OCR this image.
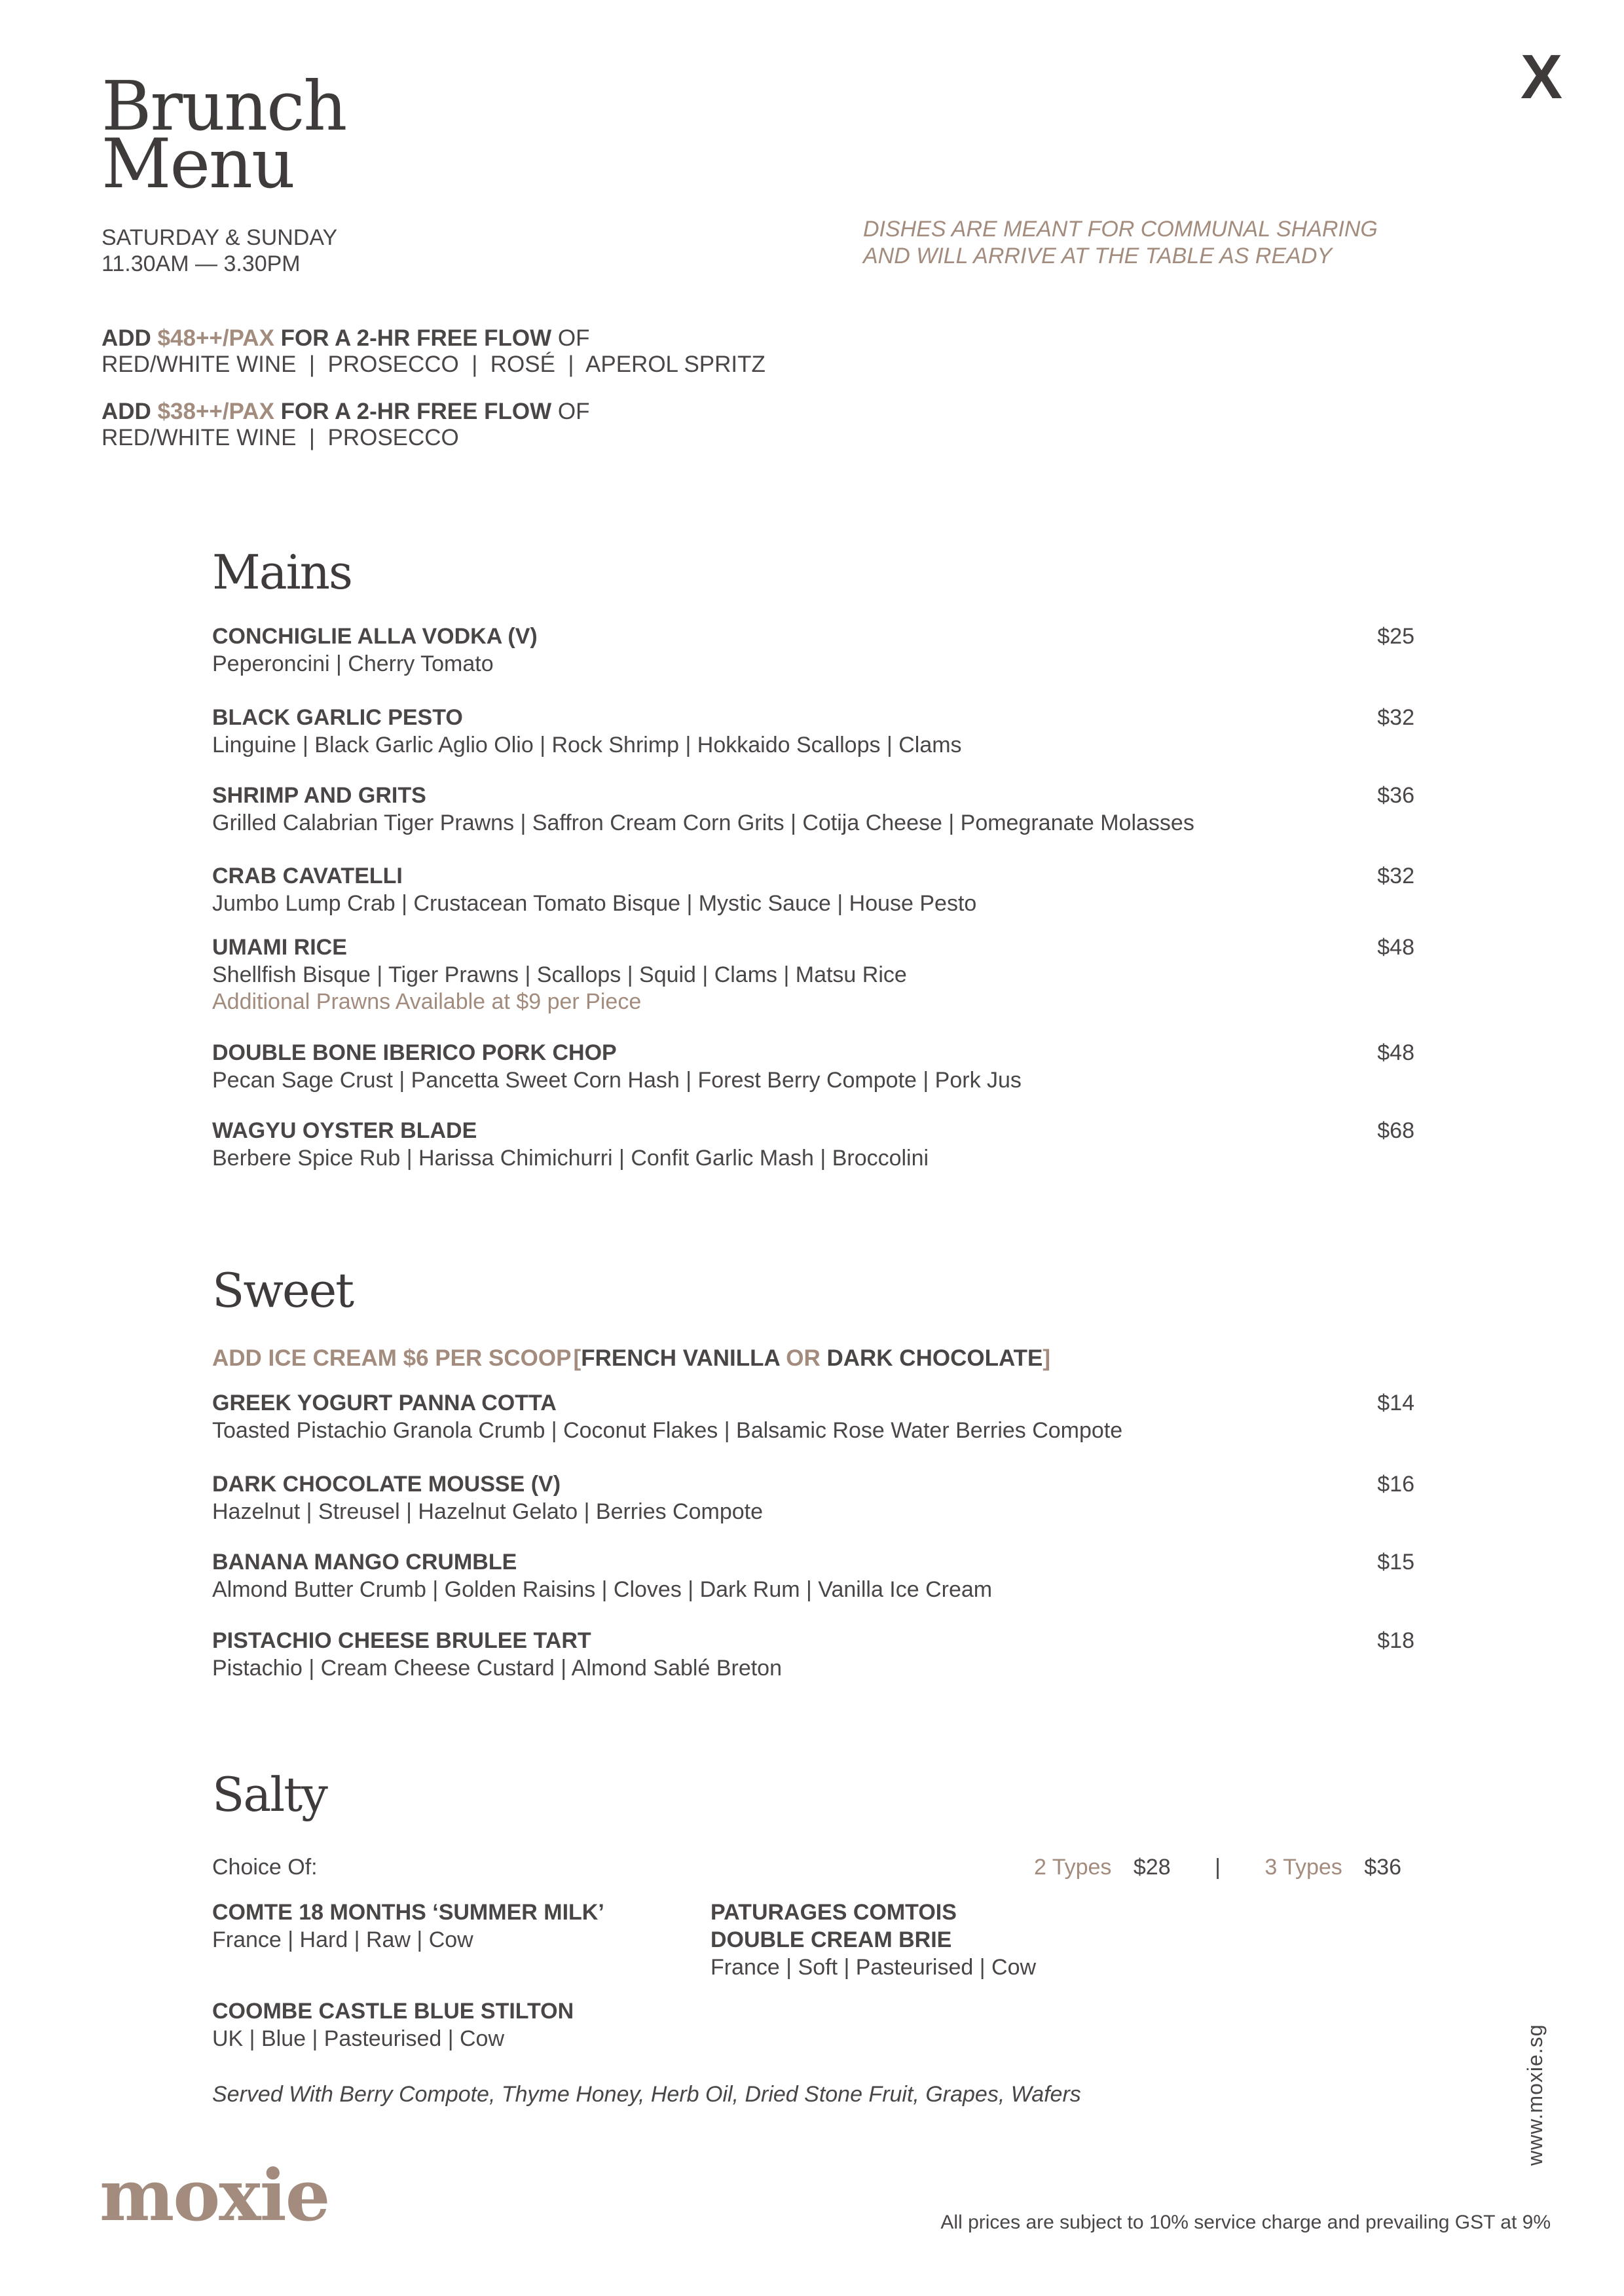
Brunch
Menu
X
SATURDAY & SUNDAY
11.30AM — 3.30PM
DISHES ARE MEANT FOR COMMUNAL SHARING
AND WILL ARRIVE AT THE TABLE AS READY
ADD $48++/PAX FOR A 2-HR FREE FLOW OF
RED/WHITE WINE  |  PROSECCO  |  ROSÉ  |  APEROL SPRITZ
ADD $38++/PAX FOR A 2-HR FREE FLOW OF
RED/WHITE WINE  |  PROSECCO
Mains
CONCHIGLIE ALLA VODKA (V)
Peperoncini | Cherry Tomato
$25
BLACK GARLIC PESTO
Linguine | Black Garlic Aglio Olio | Rock Shrimp | Hokkaido Scallops | Clams
$32
SHRIMP AND GRITS
Grilled Calabrian Tiger Prawns | Saffron Cream Corn Grits | Cotija Cheese | Pomegranate Molasses
$36
CRAB CAVATELLI
Jumbo Lump Crab | Crustacean Tomato Bisque | Mystic Sauce | House Pesto
$32
UMAMI RICE
Shellfish Bisque | Tiger Prawns | Scallops | Squid | Clams | Matsu Rice
Additional Prawns Available at $9 per Piece
$48
DOUBLE BONE IBERICO PORK CHOP
Pecan Sage Crust | Pancetta Sweet Corn Hash | Forest Berry Compote | Pork Jus
$48
WAGYU OYSTER BLADE
Berbere Spice Rub | Harissa Chimichurri | Confit Garlic Mash | Broccolini
$68
Sweet
ADD ICE CREAM $6 PER SCOOP [FRENCH VANILLA OR DARK CHOCOLATE]
GREEK YOGURT PANNA COTTA
Toasted Pistachio Granola Crumb | Coconut Flakes | Balsamic Rose Water Berries Compote
$14
DARK CHOCOLATE MOUSSE (V)
Hazelnut | Streusel | Hazelnut Gelato | Berries Compote
$16
BANANA MANGO CRUMBLE
Almond Butter Crumb | Golden Raisins | Cloves | Dark Rum | Vanilla Ice Cream
$15
PISTACHIO CHEESE BRULEE TART
Pistachio | Cream Cheese Custard | Almond Sablé Breton
$18
Salty
Choice Of:	2 Types $28 | 3 Types $36
COMTE 18 MONTHS ‘SUMMER MILK’
France | Hard | Raw | Cow
PATURAGES COMTOIS
DOUBLE CREAM BRIE
France | Soft | Pasteurised | Cow
COOMBE CASTLE BLUE STILTON
UK | Blue | Pasteurised | Cow
Served With Berry Compote, Thyme Honey, Herb Oil, Dried Stone Fruit, Grapes, Wafers
moxie
www.moxie.sg
All prices are subject to 10% service charge and prevailing GST at 9%
